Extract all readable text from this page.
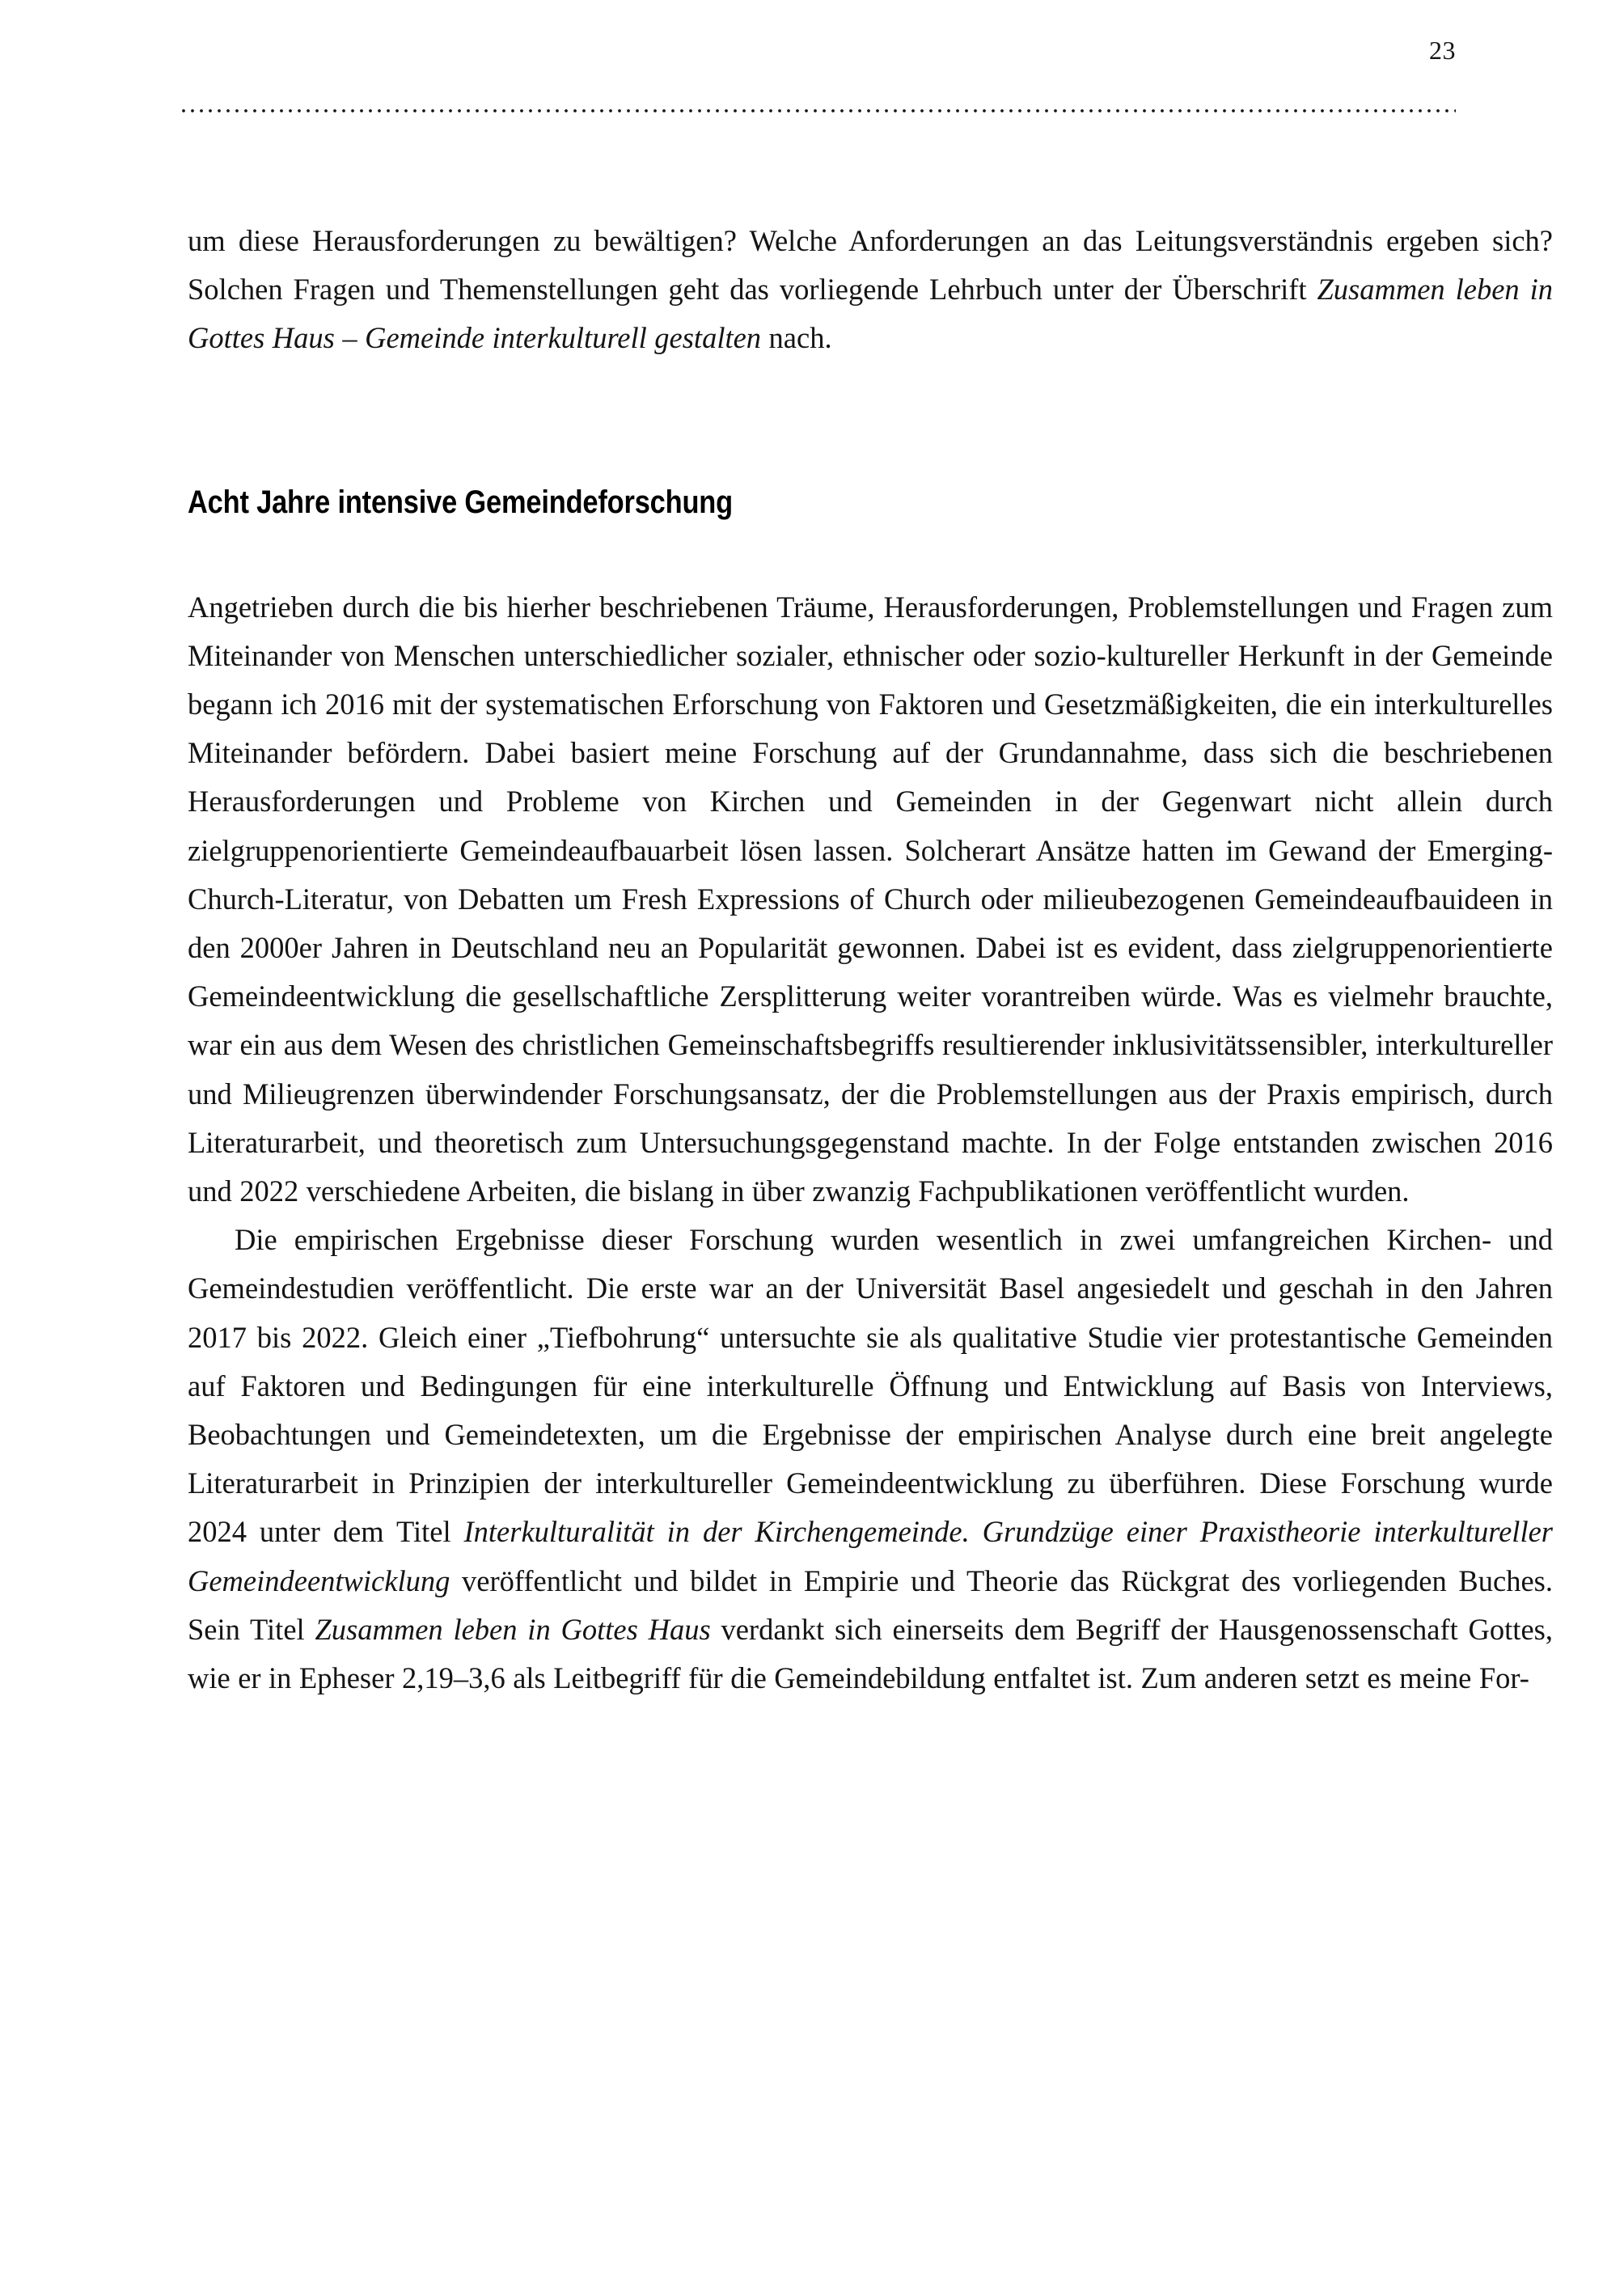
23

um diese Herausforderungen zu bewältigen? Welche Anforderungen an das Leitungsverständnis ergeben sich? Solchen Fragen und Themenstellungen geht das vorliegende Lehrbuch unter der Überschrift Zusammen leben in Gottes Haus – Gemeinde interkulturell gestalten nach.

Acht Jahre intensive Gemeindeforschung

Angetrieben durch die bis hierher beschriebenen Träume, Herausforderungen, Problemstellungen und Fragen zum Miteinander von Menschen unterschiedlicher sozialer, ethnischer oder sozio-kultureller Herkunft in der Gemeinde begann ich 2016 mit der systematischen Erforschung von Faktoren und Gesetzmäßigkeiten, die ein interkulturelles Miteinander befördern. Dabei basiert meine Forschung auf der Grundannahme, dass sich die beschriebenen Herausforderungen und Probleme von Kirchen und Gemeinden in der Gegenwart nicht allein durch zielgruppenorientierte Gemeindeaufbauarbeit lösen lassen. Solcherart Ansätze hatten im Gewand der Emerging-Church-Literatur, von Debatten um Fresh Expressions of Church oder milieubezogenen Gemeindeaufbauideen in den 2000er Jahren in Deutschland neu an Popularität gewonnen. Dabei ist es evident, dass zielgruppenorientierte Gemeindeentwicklung die gesellschaftliche Zersplitterung weiter vorantreiben würde. Was es vielmehr brauchte, war ein aus dem Wesen des christlichen Gemeinschaftsbegriffs resultierender inklusivitätssensibler, interkultureller und Milieugrenzen überwindender Forschungsansatz, der die Problemstellungen aus der Praxis empirisch, durch Literaturarbeit, und theoretisch zum Untersuchungsgegenstand machte. In der Folge entstanden zwischen 2016 und 2022 verschiedene Arbeiten, die bislang in über zwanzig Fachpublikationen veröffentlicht wurden.

Die empirischen Ergebnisse dieser Forschung wurden wesentlich in zwei umfangreichen Kirchen- und Gemeindestudien veröffentlicht. Die erste war an der Universität Basel angesiedelt und geschah in den Jahren 2017 bis 2022. Gleich einer „Tiefbohrung“ untersuchte sie als qualitative Studie vier protestantische Gemeinden auf Faktoren und Bedingungen für eine interkulturelle Öffnung und Entwicklung auf Basis von Interviews, Beobachtungen und Gemeindetexten, um die Ergebnisse der empirischen Analyse durch eine breit angelegte Literaturarbeit in Prinzipien der interkultureller Gemeindeentwicklung zu überführen. Diese Forschung wurde 2024 unter dem Titel Interkulturalität in der Kirchengemeinde. Grundzüge einer Praxistheorie interkultureller Gemeindeentwicklung veröffentlicht und bildet in Empirie und Theorie das Rückgrat des vorliegenden Buches. Sein Titel Zusammen leben in Gottes Haus verdankt sich einerseits dem Begriff der Hausgenossenschaft Gottes, wie er in Epheser 2,19–3,6 als Leitbegriff für die Gemeindebildung entfaltet ist. Zum anderen setzt es meine For-
